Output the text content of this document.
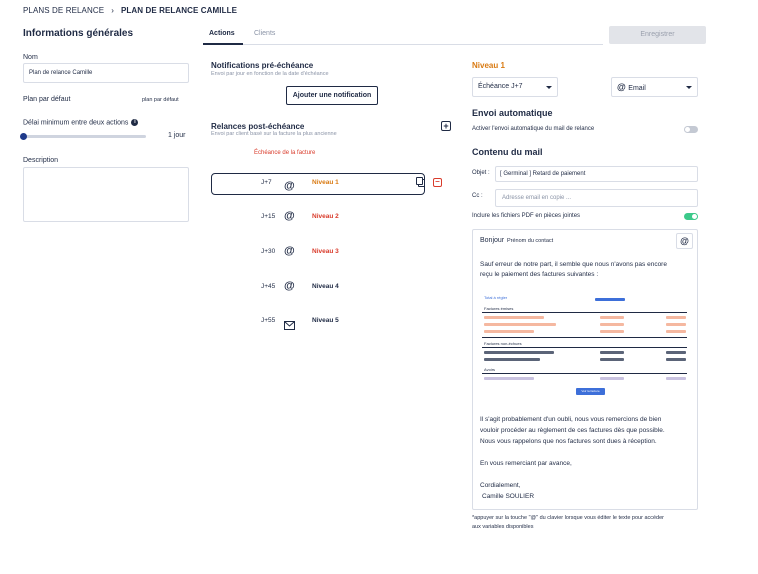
PLANS DE RELANCE › PLAN DE RELANCE CAMILLE
Informations générales
Nom
Plan de relance Camille
Plan par défaut	plan par défaut
Délai minimum entre deux actions i
1 jour
Description
Actions	Clients	Enregistrer
Notifications pré-échéance
Envoi par jour en fonction de la date d'échéance
Ajouter une notification
Relances post-échéance
Envoi par client basé sur la facture la plus ancienne
+
Échéance de la facture
J+7 @	Niveau 1	–
J+15 @	Niveau 2
J+30 @	Niveau 3
J+45 @	Niveau 4
J+55	Niveau 5
Niveau 1
Échéance J+7	@ Email
Envoi automatique
Activer l'envoi automatique du mail de relance
Contenu du mail
Objet :	[ Germinal ] Retard de paiement
Cc :	Adresse email en copie ...
Inclure les fichiers PDF en pièces jointes
Bonjour Prénom du contact	@
Sauf erreur de notre part, il semble que nous n'avons pas encore
reçu le paiement des factures suivantes :
Total à régler
Factures émises
Factures non-échues
Avoirs
Voir la facture
Il s'agit probablement d'un oubli, nous vous remercions de bien
vouloir procéder au règlement de ces factures dès que possible.
Nous vous rappelons que nos factures sont dues à réception.
En vous remerciant par avance,
Cordialement,
Camille SOULIER
*appuyer sur la touche "@" du clavier lorsque vous éditer le texte pour accéder
aux variables disponibles
